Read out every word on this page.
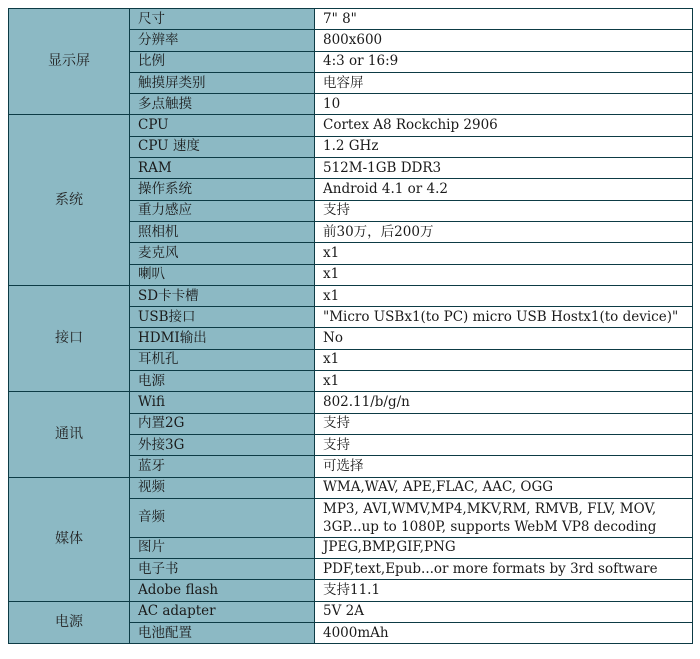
显示屏	尺寸	7" 8"
	分辨率	800x600
	比例	4:3 or 16:9
	触摸屏类别	电容屏
	多点触摸	10
系统	CPU	Cortex A8 Rockchip 2906
	CPU 速度	1.2 GHz
	RAM	512M-1GB DDR3
	操作系统	Android 4.1 or 4.2
	重力感应	支持
	照相机	前30万，后200万
	麦克风	x1
	喇叭	x1
接口	SD卡卡槽	x1
	USB接口	"Micro USBx1(to PC) micro USB Hostx1(to device)"
	HDMI输出	No
	耳机孔	x1
	电源	x1
通讯	Wifi	802.11/b/g/n
	内置2G	支持
	外接3G	支持
	蓝牙	可选择
媒体	视频	WMA,WAV, APE,FLAC, AAC, OGG
	音频	MP3, AVI,WMV,MP4,MKV,RM, RMVB, FLV, MOV,
3GP...up to 1080P, supports WebM VP8 decoding

	图片	JPEG,BMP,GIF,PNG
	电子书	PDF,text,Epub...or more formats by 3rd software
	Adobe flash	支持11.1
电源	AC adapter	5V 2A
	电池配置	4000mAh
